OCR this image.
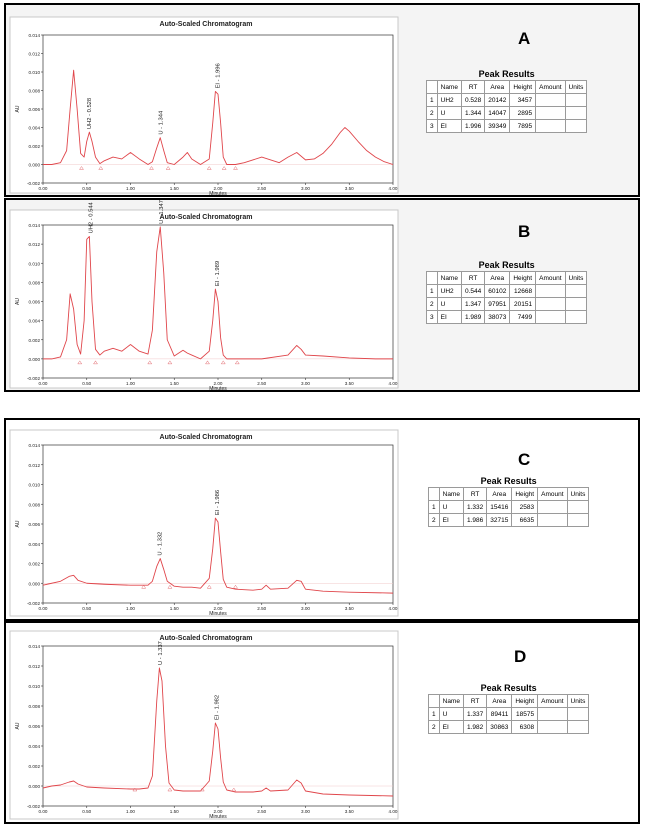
Auto-Scaled Chromatogram
-0.002
0.000
0.002
0.004
0.006
0.008
0.010
0.012
0.014
0.00	0.50	1.00	1.50	2.00	2.50	3.00	3.50	4.00
Minutes
AU	UH2 - 0.528	U - 1.344
EI - 1.996
A
Peak Results
	Name	RT	Area	Height	Amount	Units
1	UH2	0.528	20142	3457		
2	U	1.344	14047	2895		
3	EI	1.996	39349	7895		
Auto-Scaled Chromatogram
-0.002
0.000
0.002
0.004
0.006
0.008
0.010
0.012
0.014
0.00	0.50	1.00	1.50	2.00	2.50	3.00	3.50	4.00
Minutes
AU
UH2 - 0.544	U - 1.347
EI - 1.989
B
Peak Results
	Name	RT	Area	Height	Amount	Units
1	UH2	0.544	60102	12668		
2	U	1.347	97951	20151		
3	EI	1.989	38073	7499		
Auto-Scaled Chromatogram
-0.002
0.000
0.002
0.004
0.006
0.008
0.010
0.012
0.014
0.00	0.50	1.00	1.50	2.00	2.50	3.00	3.50	4.00
Minutes
AU
U - 1.332
EI - 1.986
C
Peak Results
	Name	RT	Area	Height	Amount	Units
1	U	1.332	15416	2583		
2	EI	1.986	32715	6635		
Auto-Scaled Chromatogram
-0.002
0.000
0.002
0.004
0.006
0.008
0.010
0.012
0.014
0.00	0.50	1.00	1.50	2.00	2.50	3.00	3.50	4.00
Minutes
AU
U - 1.337
EI - 1.982
D
Peak Results
	Name	RT	Area	Height	Amount	Units
1	U	1.337	89411	18575		
2	EI	1.982	30863	6308		
